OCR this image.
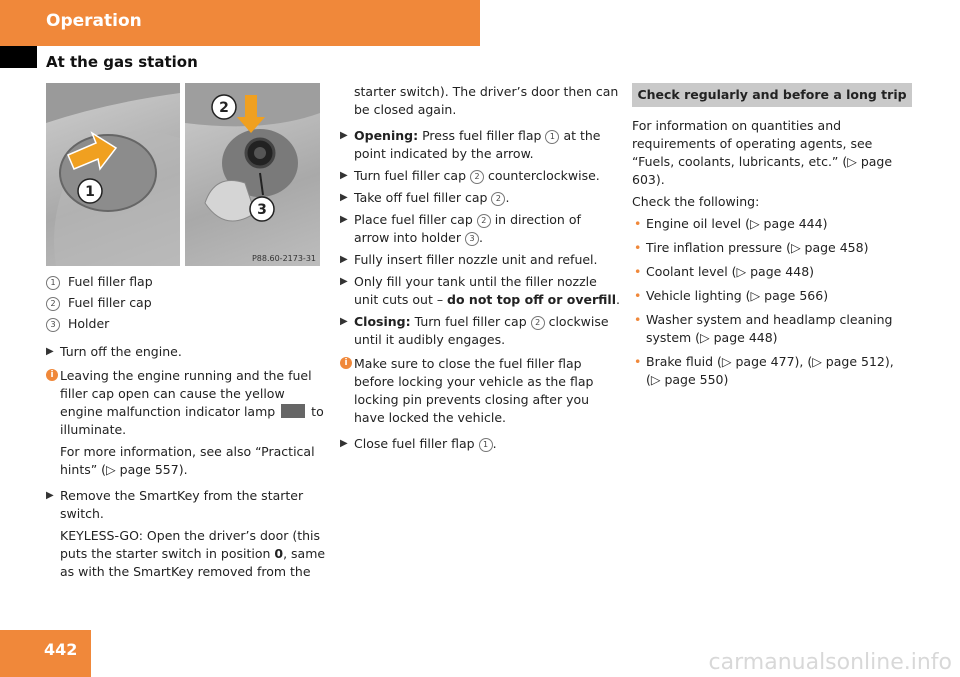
Operation
At the gas station
1
2
3
P88.60-2173-31
1 Fuel filler flap
2 Fuel filler cap
3 Holder
▶ Turn off the engine.
i Leaving the engine running and the fuel filler cap open can cause the yellow engine malfunction indicator lamp	to illuminate.

For more information, see also “Practical hints” (▷ page 557).

▶ Remove the SmartKey from the starter switch.

KEYLESS-GO: Open the driver’s door (this puts the starter switch in position 0, same as with the SmartKey removed from the

starter switch). The driver’s door then can be closed again.

▶ Opening: Press fuel filler flap 1 at the point indicated by the arrow.
▶ Turn fuel filler cap 2 counterclockwise.
▶ Take off fuel filler cap 2 .
▶ Place fuel filler cap 2 in direction of arrow into holder 3 .
▶ Fully insert filler nozzle unit and refuel.
▶ Only fill your tank until the filler nozzle unit cuts out – do not top off or overfill.
▶ Closing: Turn fuel filler cap 2 clockwise until it audibly engages.
i Make sure to close the fuel filler flap before locking your vehicle as the flap locking pin prevents closing after you have locked the vehicle.

▶ Close fuel filler flap 1 .
Check regularly and before a long trip

For information on quantities and requirements of operating agents, see “Fuels, coolants, lubricants, etc.” (▷ page 603).

Check the following:

• Engine oil level (▷ page 444)
• Tire inflation pressure (▷ page 458)
• Coolant level (▷ page 448)
• Vehicle lighting (▷ page 566)
• Washer system and headlamp cleaning system (▷ page 448)
• Brake fluid (▷ page 477), (▷ page 512), (▷ page 550)
442
carmanualsonline.info
